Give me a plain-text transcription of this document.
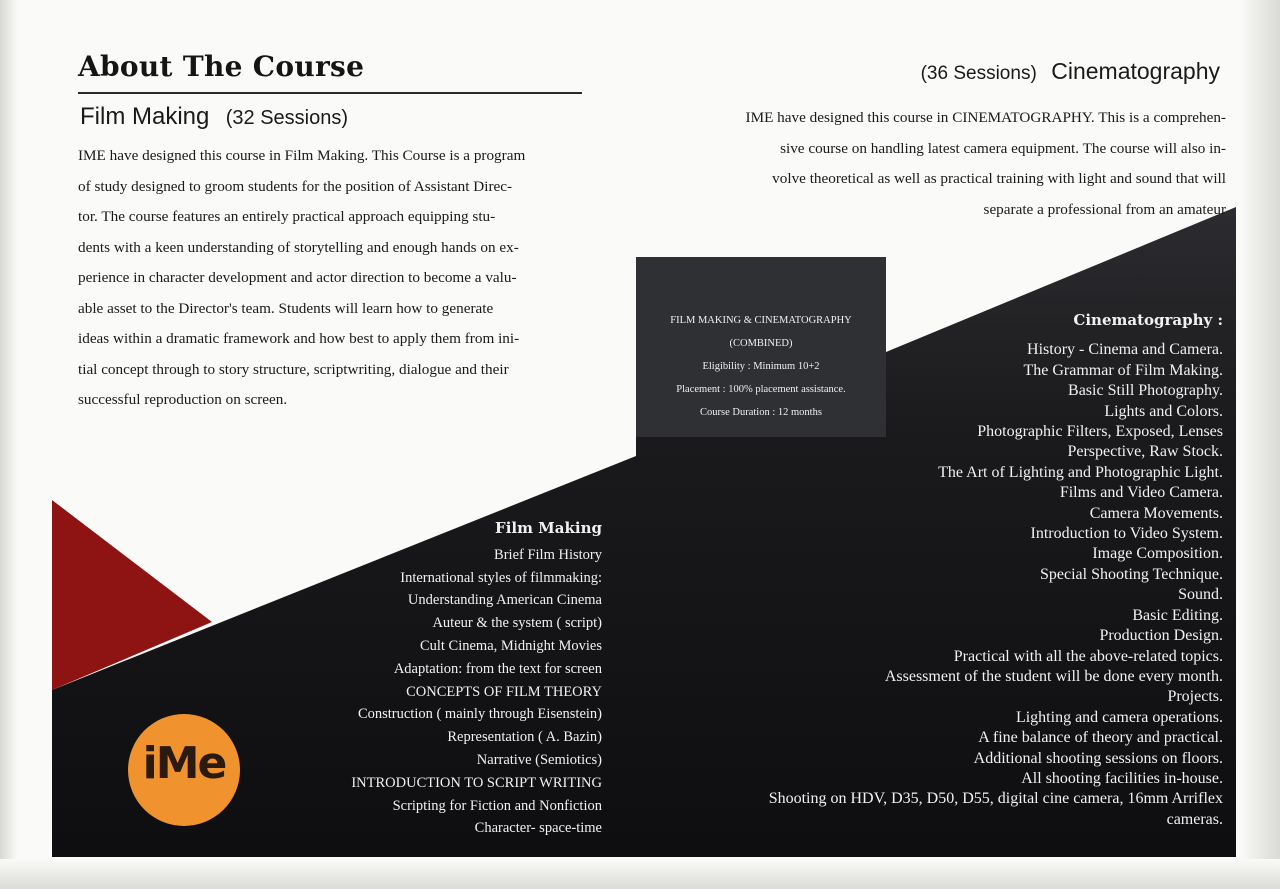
About The Course
Film Making (32 Sessions)

IME have designed this course in Film Making. This Course is a program
of study designed to groom students for the position of Assistant Direc-
tor. The course features an entirely practical approach equipping stu-
dents with a keen understanding of storytelling and enough hands on ex-
perience in character development and actor direction to become a valu-
able asset to the Director's team. Students will learn how to generate
ideas within a dramatic framework and how best to apply them from ini-
tial concept through to story structure, scriptwriting, dialogue and their
successful reproduction on screen.

(36 Sessions) Cinematography

IME have designed this course in CINEMATOGRAPHY. This is a comprehen-
sive course on handling latest camera equipment. The course will also in-
volve theoretical as well as practical training with light and sound that will
separate a professional from an amateur

FILM MAKING & CINEMATOGRAPHY
(COMBINED)
Eligibility : Minimum 10+2
Placement : 100% placement assistance.
Course Duration : 12 months
Film Making
Brief Film History
International styles of filmmaking:
Understanding American Cinema
Auteur & the system ( script)
Cult Cinema, Midnight Movies
Adaptation: from the text for screen
CONCEPTS OF FILM THEORY
Construction ( mainly through Eisenstein)
Representation ( A. Bazin)
Narrative (Semiotics)
INTRODUCTION TO SCRIPT WRITING
Scripting for Fiction and Nonfiction
Character- space-time
Cinematography :
History - Cinema and Camera.
The Grammar of Film Making.
Basic Still Photography.
Lights and Colors.
Photographic Filters, Exposed, Lenses
Perspective, Raw Stock.
The Art of Lighting and Photographic Light.
Films and Video Camera.
Camera Movements.
Introduction to Video System.
Image Composition.
Special Shooting Technique.
Sound.
Basic Editing.
Production Design.
Practical with all the above-related topics.
Assessment of the student will be done every month.
Projects.
Lighting and camera operations.
A fine balance of theory and practical.
Additional shooting sessions on floors.
All shooting facilities in-house.
Shooting on HDV, D35, D50, D55, digital cine camera, 16mm Arriflex
cameras.
iMe
